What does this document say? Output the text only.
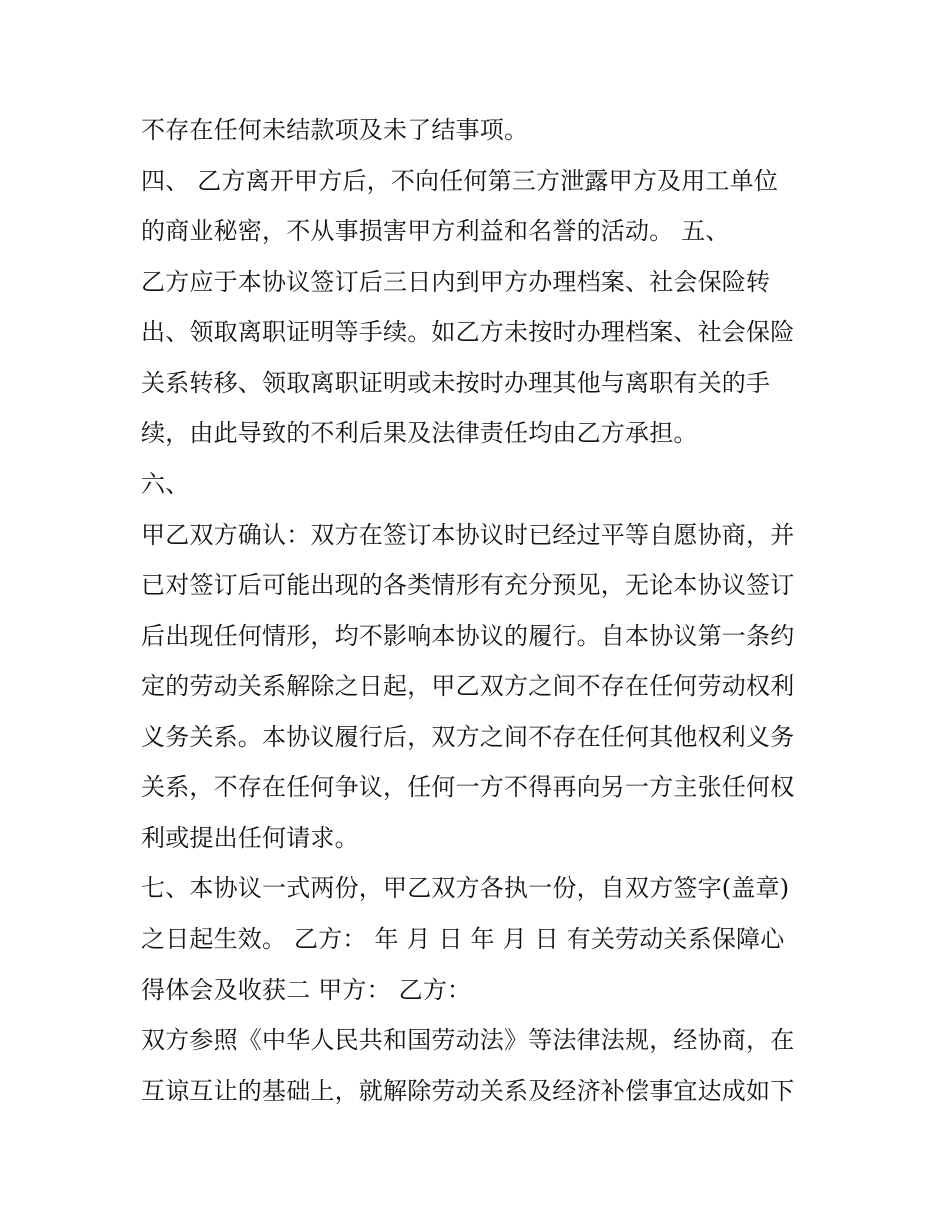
不存在任何未结款项及未了结事项。
四、 乙方离开甲方后，不向任何第三方泄露甲方及用工单位
的商业秘密，不从事损害甲方利益和名誉的活动。 五、
乙方应于本协议签订后三日内到甲方办理档案、社会保险转
出、领取离职证明等手续。如乙方未按时办理档案、社会保险
关系转移、领取离职证明或未按时办理其他与离职有关的手
续，由此导致的不利后果及法律责任均由乙方承担。
六、
甲乙双方确认：双方在签订本协议时已经过平等自愿协商，并
已对签订后可能出现的各类情形有充分预见，无论本协议签订
后出现任何情形，均不影响本协议的履行。自本协议第一条约
定的劳动关系解除之日起，甲乙双方之间不存在任何劳动权利
义务关系。本协议履行后，双方之间不存在任何其他权利义务
关系，不存在任何争议，任何一方不得再向另一方主张任何权
利或提出任何请求。
七、本协议一式两份，甲乙双方各执一份，自双方签字(盖章)
之日起生效。 乙方： 年 月 日 年 月 日 有关劳动关系保障心
得体会及收获二 甲方： 乙方：
双方参照《中华人民共和国劳动法》等法律法规，经协商，在
互谅互让的基础上，就解除劳动关系及经济补偿事宜达成如下
